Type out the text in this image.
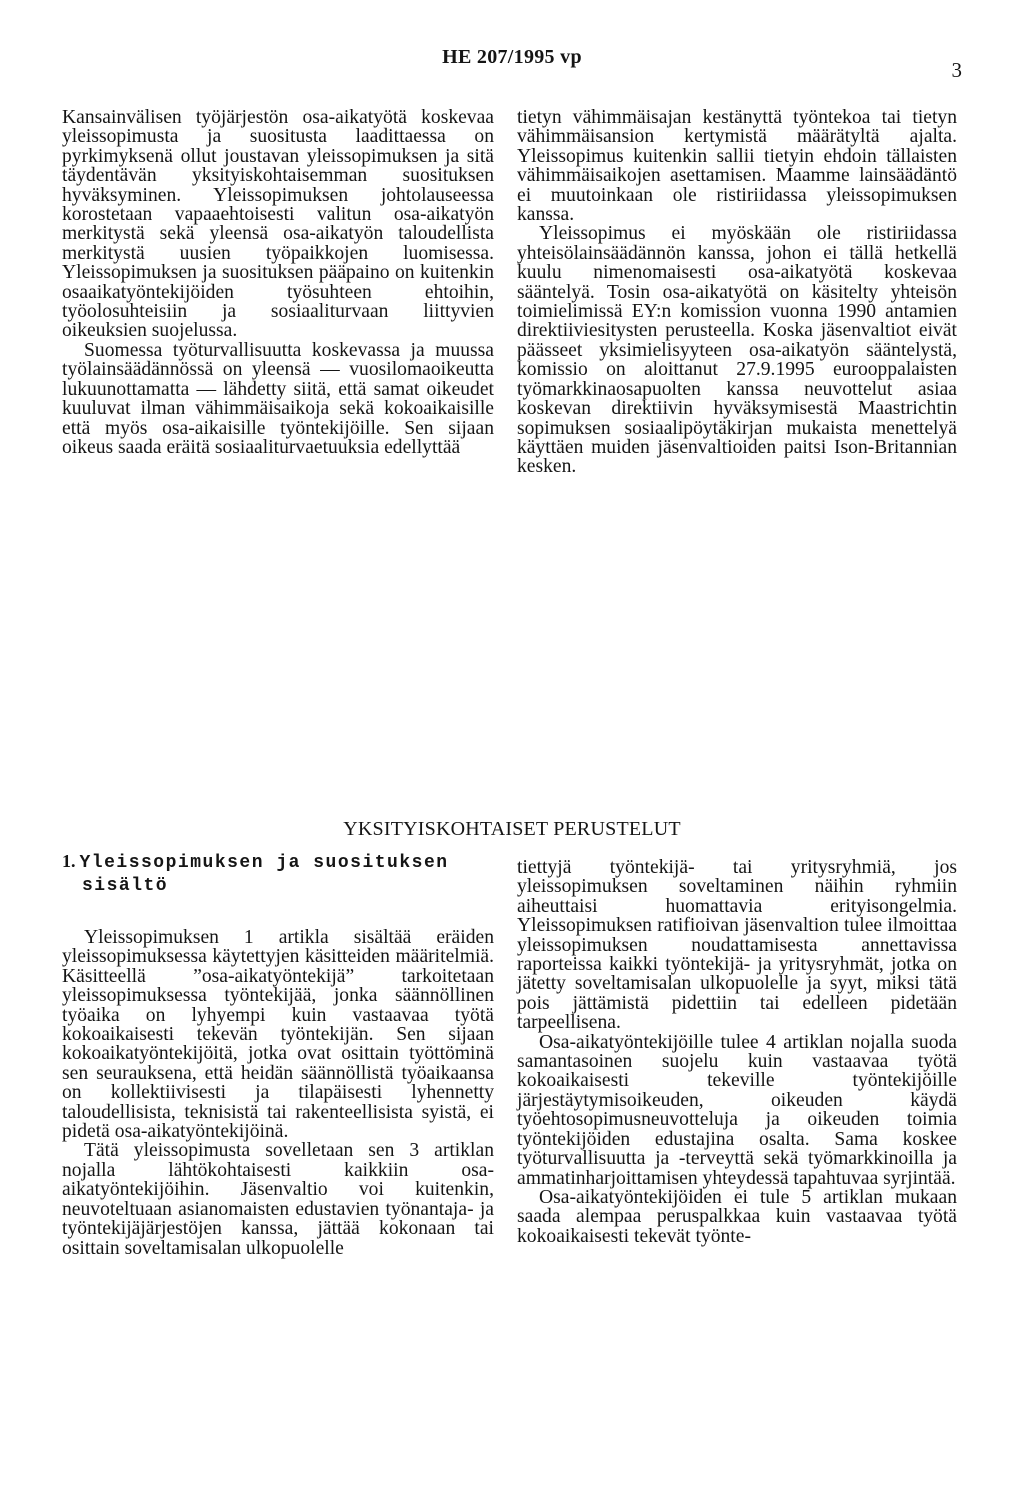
HE 207/1995 vp
3

Kansainvälisen työjärjestön osa-aikatyötä koskevaa yleissopimusta ja suositusta laadittaessa on pyrkimyksenä ollut joustavan yleissopimuksen ja sitä täydentävän yksityiskohtaisemman suosituksen hyväksyminen. Yleissopimuksen johtolauseessa korostetaan vapaaehtoisesti valitun osa-aikatyön merkitystä sekä yleensä osa-aikatyön taloudellista merkitystä uusien työpaikkojen luomisessa. Yleissopimuksen ja suosituksen pääpaino on kuitenkin osaaikatyöntekijöiden työsuhteen ehtoihin, työolosuhteisiin ja sosiaaliturvaan liittyvien oikeuksien suojelussa.

Suomessa työturvallisuutta koskevassa ja muussa työlainsäädännössä on yleensä — vuosilomaoikeutta lukuunottamatta — lähdetty siitä, että samat oikeudet kuuluvat ilman vähimmäisaikoja sekä kokoaikaisille että myös osa-aikaisille työntekijöille. Sen sijaan oikeus saada eräitä sosiaaliturvaetuuksia edellyttää

tietyn vähimmäisajan kestänyttä työntekoa tai tietyn vähimmäisansion kertymistä määrätyltä ajalta. Yleissopimus kuitenkin sallii tietyin ehdoin tällaisten vähimmäisaikojen asettamisen. Maamme lainsäädäntö ei muutoinkaan ole ristiriidassa yleissopimuksen kanssa.

Yleissopimus ei myöskään ole ristiriidassa yhteisölainsäädännön kanssa, johon ei tällä hetkellä kuulu nimenomaisesti osa-aikatyötä koskevaa sääntelyä. Tosin osa-aikatyötä on käsitelty yhteisön toimielimissä EY:n komission vuonna 1990 antamien direktiiviesitysten perusteella. Koska jäsenvaltiot eivät päässeet yksimielisyyteen osa-aikatyön sääntelystä, komissio on aloittanut 27.9.1995 eurooppalaisten työmarkkinaosapuolten kanssa neuvottelut asiaa koskevan direktiivin hyväksymisestä Maastrichtin sopimuksen sosiaalipöytäkirjan mukaista menettelyä käyttäen muiden jäsenvaltioiden paitsi Ison-Britannian kesken.

YKSITYISKOHTAISET PERUSTELUT
1. Yleissopimuksen ja suosituksen
sisältö

Yleissopimuksen 1 artikla sisältää eräiden yleissopimuksessa käytettyjen käsitteiden määritelmiä. Käsitteellä ”osa-aikatyöntekijä” tarkoitetaan yleissopimuksessa työntekijää, jonka säännöllinen työaika on lyhyempi kuin vastaavaa työtä kokoaikaisesti tekevän työntekijän. Sen sijaan kokoaikatyöntekijöitä, jotka ovat osittain työttöminä sen seurauksena, että heidän säännöllistä työaikaansa on kollektiivisesti ja tilapäisesti lyhennetty taloudellisista, teknisistä tai rakenteellisista syistä, ei pidetä osa-aikatyöntekijöinä.

Tätä yleissopimusta sovelletaan sen 3 artiklan nojalla lähtökohtaisesti kaikkiin osa-aikatyöntekijöihin. Jäsenvaltio voi kuitenkin, neuvoteltuaan asianomaisten edustavien työnantaja- ja työntekijäjärjestöjen kanssa, jättää kokonaan tai osittain soveltamisalan ulkopuolelle

tiettyjä työntekijä- tai yritysryhmiä, jos yleissopimuksen soveltaminen näihin ryhmiin aiheuttaisi huomattavia erityisongelmia. Yleissopimuksen ratifioivan jäsenvaltion tulee ilmoittaa yleissopimuksen noudattamisesta annettavissa raporteissa kaikki työntekijä- ja yritysryhmät, jotka on jätetty soveltamisalan ulkopuolelle ja syyt, miksi tätä pois jättämistä pidettiin tai edelleen pidetään tarpeellisena.

Osa-aikatyöntekijöille tulee 4 artiklan nojalla suoda samantasoinen suojelu kuin vastaavaa työtä kokoaikaisesti tekeville työntekijöille järjestäytymisoikeuden, oikeuden käydä työehtosopimusneuvotteluja ja oikeuden toimia työntekijöiden edustajina osalta. Sama koskee työturvallisuutta ja -terveyttä sekä työmarkkinoilla ja ammatinharjoittamisen yhteydessä tapahtuvaa syrjintää.

Osa-aikatyöntekijöiden ei tule 5 artiklan mukaan saada alempaa peruspalkkaa kuin vastaavaa työtä kokoaikaisesti tekevät työnte-
